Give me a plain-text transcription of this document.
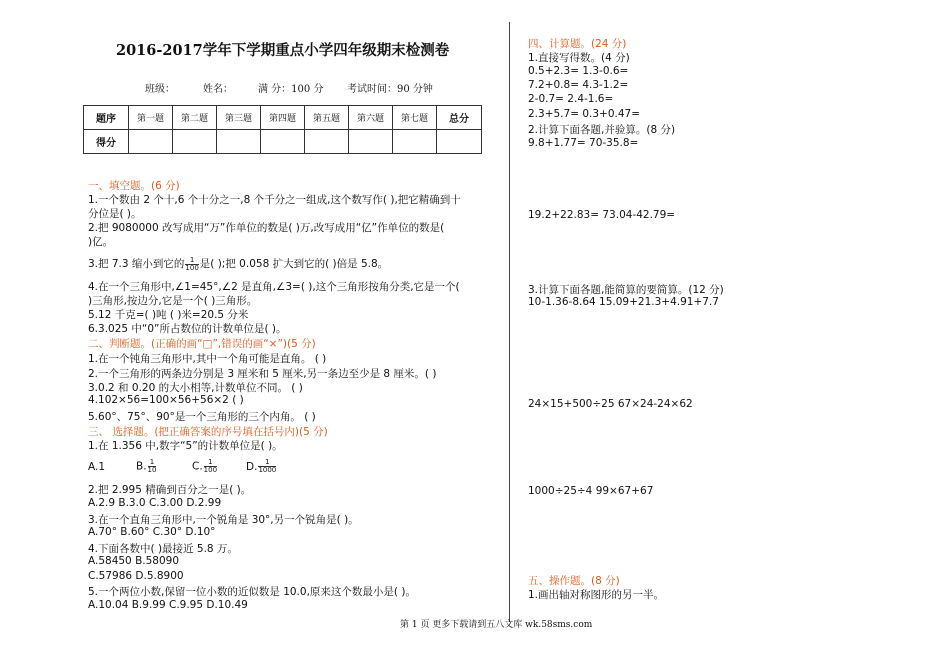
2016-2017学年下学期重点小学四年级期末检测卷
班级：	姓名：	满 分：100 分 考试时间：90 分钟
题序	第一题	第二题	第三题	第四题	第五题	第六题	第七题	总分
得分								
一、填空题。(6 分)
1.一个数由 2 个十,6 个十分之一,8 个千分之一组成,这个数写作( ),把它精确到十
分位是( )。
2.把 9080000 改写成用“万”作单位的数是( )万,改写成用“亿”作单位的数是(
)亿。
3.把 7.3 缩小到它的 $\frac{1}{100}$ 是( );把 0.058 扩大到它的( )倍是 5.8。
4.在一个三角形中,∠1=45°,∠2 是直角,∠3=( ),这个三角形按角分类,它是一个(
)三角形,按边分,它是一个( )三角形。
5.12 千克=( )吨 ( )米=20.5 分米
6.3.025 中“0”所占数位的计数单位是( )。
二、判断题。(正确的画“□”,错误的画“×”)(5 分)
1.在一个钝角三角形中,其中一个角可能是直角。 ( )
2.一个三角形的两条边分别是 3 厘米和 5 厘米,另一条边至少是 8 厘米。( )
3.0.2 和 0.20 的大小相等,计数单位不同。 ( )
4.102×56=100×56+56×2 ( )
5.60°、75°、90°是一个三角形的三个内角。 ( )
三、 选择题。(把正确答案的序号填在括号内)(5 分)
1.在 1.356 中,数字“5”的计数单位是( )。
A.1	B. $\frac{1}{10}$	C. $\frac{1}{100}$	D. $\frac{1}{1000}$
2.把 2.995 精确到百分之一是( )。
A.2.9 B.3.0 C.3.00 D.2.99
3.在一个直角三角形中,一个锐角是 30°,另一个锐角是( )。
A.70° B.60° C.30° D.10°
4.下面各数中( )最接近 5.8 万。
A.58450 B.58090
C.57986 D.5.8900
5.一个两位小数,保留一位小数的近似数是 10.0,原来这个数最小是( )。
A.10.04 B.9.99 C.9.95 D.10.49
四、计算题。(24 分)
1.直接写得数。(4 分)
0.5+2.3= 1.3-0.6=
7.2+0.8= 4.3-1.2=
2-0.7= 2.4-1.6=
2.3+5.7= 0.3+0.47=
2.计算下面各题,并验算。(8 分)
9.8+1.77= 70-35.8=
19.2+22.83= 73.04-42.79=
3.计算下面各题,能简算的要简算。(12 分)
10-1.36-8.64 15.09+21.3+4.91+7.7
24×15+500÷25 67×24-24×62
1000÷25÷4 99×67+67
五、操作题。(8 分)
1.画出轴对称图形的另一半。
第 1 页 更多下载请到五八文库 wk.58sms.com
